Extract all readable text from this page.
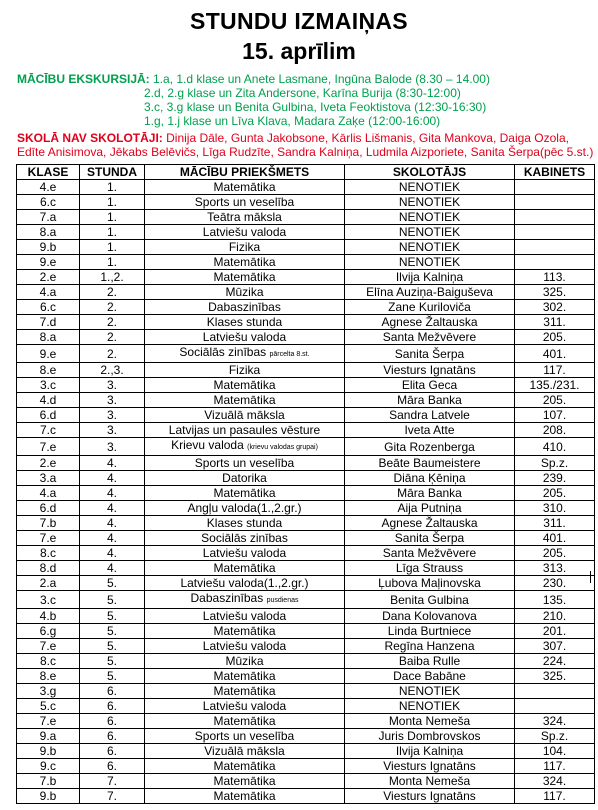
STUNDU IZMAIŅAS
15. aprīlim
MĀCĪBU EKSKURSIJĀ: 1.a, 1.d klase un Anete Lasmane, Ingūna Balode (8.30 – 14.00)
2.d, 2.g klase un Zita Andersone, Karīna Burija (8:30-12:00)
3.c, 3.g klase un Benita Gulbina, Iveta Feoktistova (12:30-16:30)
1.g, 1.j klase un Līva Klava, Madara Zaķe (12:00-16:00)
SKOLĀ NAV SKOLOTĀJI: Dinija Dāle, Gunta Jakobsone, Kārlis Lišmanis, Gita Mankova, Daiga Ozola,
Edīte Anisimova, Jēkabs Belēvičs, Līga Rudzīte, Sandra Kalniņa, Ludmila Aizporiete, Sanita Šerpa(pēc 5.st.)
KLASE	STUNDA	MĀCĪBU PRIEKŠMETS	SKOLOTĀJS	KABINETS
4.e	1.	Matemātika	NENOTIEK	
6.c	1.	Sports un veselība	NENOTIEK	
7.a	1.	Teātra māksla	NENOTIEK	
8.a	1.	Latviešu valoda	NENOTIEK	
9.b	1.	Fizika	NENOTIEK	
9.e	1.	Matemātika	NENOTIEK	
2.e	1.,2.	Matemātika	Ilvija Kalniņa	113.
4.a	2.	Mūzika	Elīna Auziņa-Baiguševa	325.
6.c	2.	Dabaszinības	Zane Kuriloviča	302.
7.d	2.	Klases stunda	Agnese Žaltauska	311.
8.a	2.	Latviešu valoda	Santa Mežvēvere	205.
9.e	2.	Sociālās zinības pārcelta 8.st.	Sanita Šerpa	401.
8.e	2.,3.	Fizika	Viesturs Ignatāns	117.
3.c	3.	Matemātika	Elita Geca	135./231.
4.d	3.	Matemātika	Māra Banka	205.
6.d	3.	Vizuālā māksla	Sandra Latvele	107.
7.c	3.	Latvijas un pasaules vēsture	Iveta Atte	208.
7.e	3.	Krievu valoda (krievu valodas grupai)	Gita Rozenberga	410.
2.e	4.	Sports un veselība	Beāte Baumeistere	Sp.z.
3.a	4.	Datorika	Diāna Ķēniņa	239.
4.a	4.	Matemātika	Māra Banka	205.
6.d	4.	Angļu valoda(1.,2.gr.)	Aija Putniņa	310.
7.b	4.	Klases stunda	Agnese Žaltauska	311.
7.e	4.	Sociālās zinības	Sanita Šerpa	401.
8.c	4.	Latviešu valoda	Santa Mežvēvere	205.
8.d	4.	Matemātika	Līga Strauss	313.
2.a	5.	Latviešu valoda(1.,2.gr.)	Ļubova Maļinovska	230.
3.c	5.	Dabaszinības pusdienas	Benita Gulbina	135.
4.b	5.	Latviešu valoda	Dana Kolovanova	210.
6.g	5.	Matemātika	Linda Burtniece	201.
7.e	5.	Latviešu valoda	Regīna Hanzena	307.
8.c	5.	Mūzika	Baiba Rulle	224.
8.e	5.	Matemātika	Dace Babāne	325.
3.g	6.	Matemātika	NENOTIEK	
5.c	6.	Latviešu valoda	NENOTIEK	
7.e	6.	Matemātika	Monta Nemeša	324.
9.a	6.	Sports un veselība	Juris Dombrovskos	Sp.z.
9.b	6.	Vizuālā māksla	Ilvija Kalniņa	104.
9.c	6.	Matemātika	Viesturs Ignatāns	117.
7.b	7.	Matemātika	Monta Nemeša	324.
9.b	7.	Matemātika	Viesturs Ignatāns	117.
